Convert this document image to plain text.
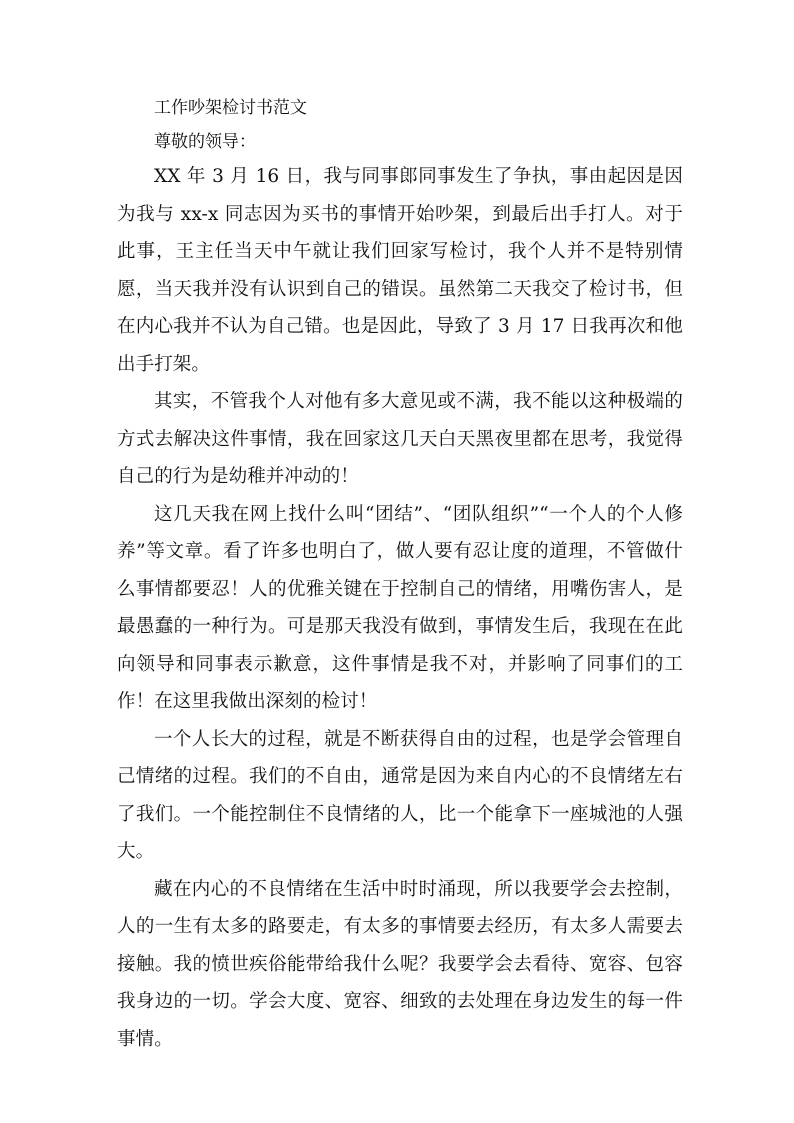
工作吵架检讨书范文

尊敬的领导：

XX 年 3 月 16 日，我与同事郎同事发生了争执，事由起因是因为我与 xx-x 同志因为买书的事情开始吵架，到最后出手打人。对于此事，王主任当天中午就让我们回家写检讨，我个人并不是特别情愿，当天我并没有认识到自己的错误。虽然第二天我交了检讨书，但在内心我并不认为自己错。也是因此，导致了 3 月 17 日我再次和他出手打架。

其实，不管我个人对他有多大意见或不满，我不能以这种极端的方式去解决这件事情，我在回家这几天白天黑夜里都在思考，我觉得自己的行为是幼稚并冲动的！

这几天我在网上找什么叫“团结”、“团队组织”“一个人的个人修养”等文章。看了许多也明白了，做人要有忍让度的道理，不管做什么事情都要忍！人的优雅关键在于控制自己的情绪，用嘴伤害人，是最愚蠢的一种行为。可是那天我没有做到，事情发生后，我现在在此向领导和同事表示歉意，这件事情是我不对，并影响了同事们的工作！在这里我做出深刻的检讨！

一个人长大的过程，就是不断获得自由的过程，也是学会管理自己情绪的过程。我们的不自由，通常是因为来自内心的不良情绪左右了我们。一个能控制住不良情绪的人，比一个能拿下一座城池的人强大。

藏在内心的不良情绪在生活中时时涌现，所以我要学会去控制，人的一生有太多的路要走，有太多的事情要去经历，有太多人需要去接触。我的愤世疾俗能带给我什么呢？我要学会去看待、宽容、包容我身边的一切。学会大度、宽容、细致的去处理在身边发生的每一件事情。
